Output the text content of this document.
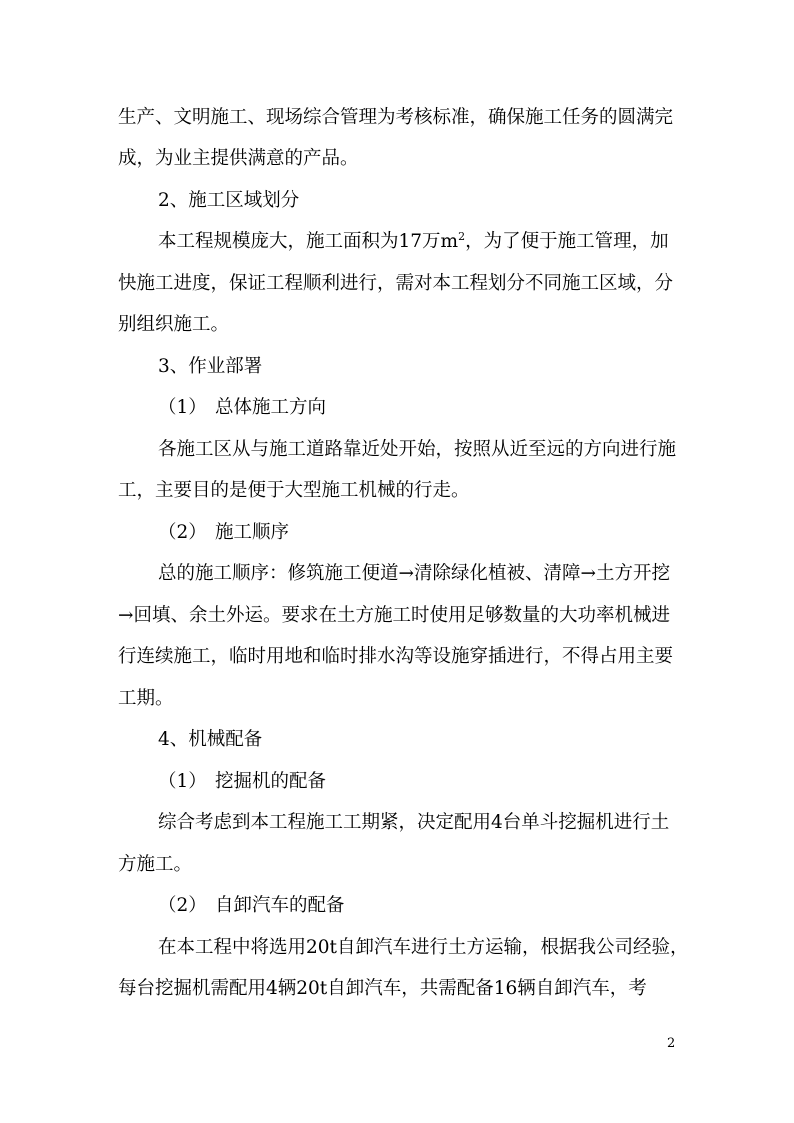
生产、文明施工、现场综合管理为考核标准，确保施工任务的圆满完
成，为业主提供满意的产品。
2、施工区域划分
本工程规模庞大，施工面积为17万$m^2$，为了便于施工管理，加
快施工进度，保证工程顺利进行，需对本工程划分不同施工区域，分
别组织施工。
3、作业部署
（1） 总体施工方向
各施工区从与施工道路靠近处开始，按照从近至远的方向进行施
工，主要目的是便于大型施工机械的行走。
（2） 施工顺序
总的施工顺序：修筑施工便道→清除绿化植被、清障→土方开挖
→回填、余土外运。要求在土方施工时使用足够数量的大功率机械进
行连续施工，临时用地和临时排水沟等设施穿插进行，不得占用主要
工期。
4、机械配备
（1） 挖掘机的配备
综合考虑到本工程施工工期紧，决定配用4台单斗挖掘机进行土
方施工。
（2） 自卸汽车的配备
在本工程中将选用20t自卸汽车进行土方运输，根据我公司经验，
每台挖掘机需配用4辆20t自卸汽车，共需配备16辆自卸汽车，考
2
